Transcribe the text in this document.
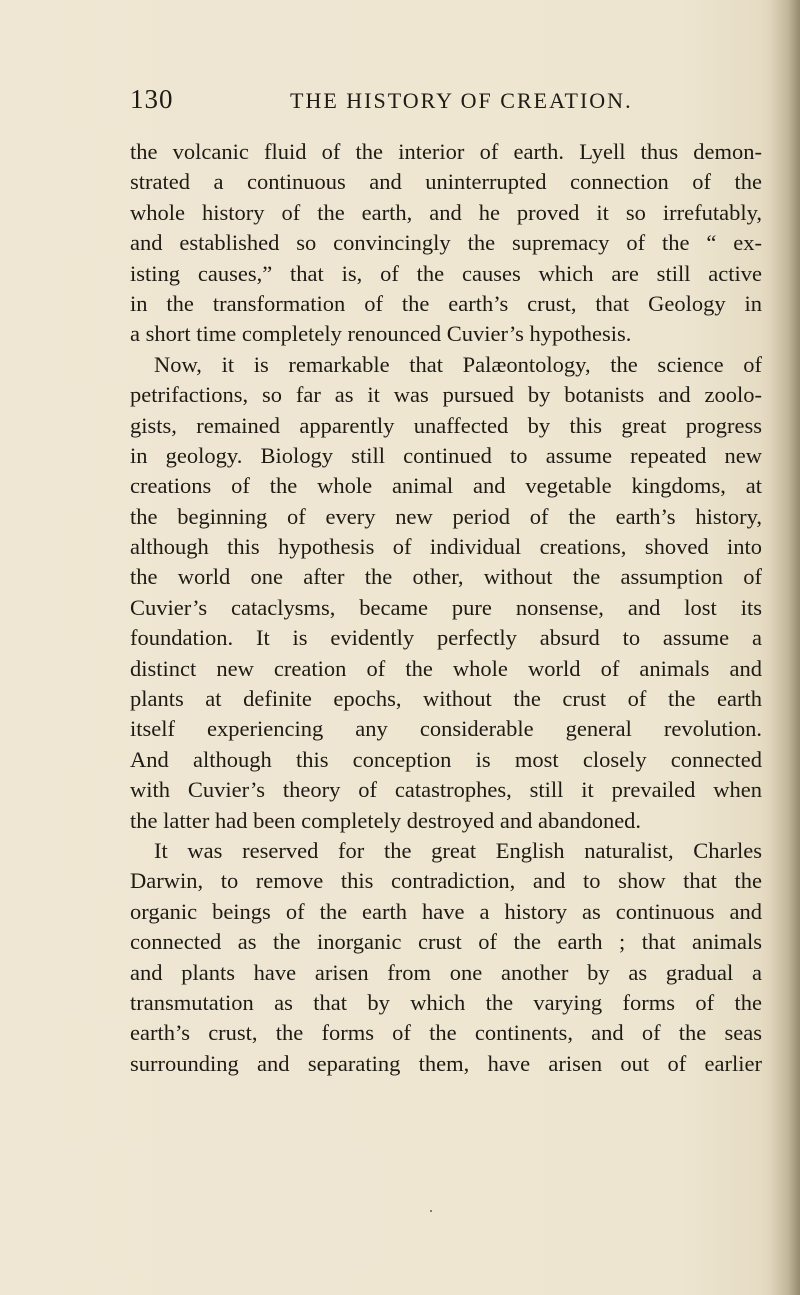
130	THE HISTORY OF CREATION.
the volcanic fluid of the interior of earth. Lyell thus demon-
strated a continuous and uninterrupted connection of the
whole history of the earth, and he proved it so irrefutably,
and established so convincingly the supremacy of the “ ex-
isting causes,” that is, of the causes which are still active
in the transformation of the earth’s crust, that Geology in
a short time completely renounced Cuvier’s hypothesis.
Now, it is remarkable that Palæontology, the science of
petrifactions, so far as it was pursued by botanists and zoolo-
gists, remained apparently unaffected by this great progress
in geology. Biology still continued to assume repeated new
creations of the whole animal and vegetable kingdoms, at
the beginning of every new period of the earth’s history,
although this hypothesis of individual creations, shoved into
the world one after the other, without the assumption of
Cuvier’s cataclysms, became pure nonsense, and lost its
foundation. It is evidently perfectly absurd to assume a
distinct new creation of the whole world of animals and
plants at definite epochs, without the crust of the earth
itself experiencing any considerable general revolution.
And although this conception is most closely connected
with Cuvier’s theory of catastrophes, still it prevailed when
the latter had been completely destroyed and abandoned.
It was reserved for the great English naturalist, Charles
Darwin, to remove this contradiction, and to show that the
organic beings of the earth have a history as continuous and
connected as the inorganic crust of the earth ; that animals
and plants have arisen from one another by as gradual a
transmutation as that by which the varying forms of the
earth’s crust, the forms of the continents, and of the seas
surrounding and separating them, have arisen out of earlier
